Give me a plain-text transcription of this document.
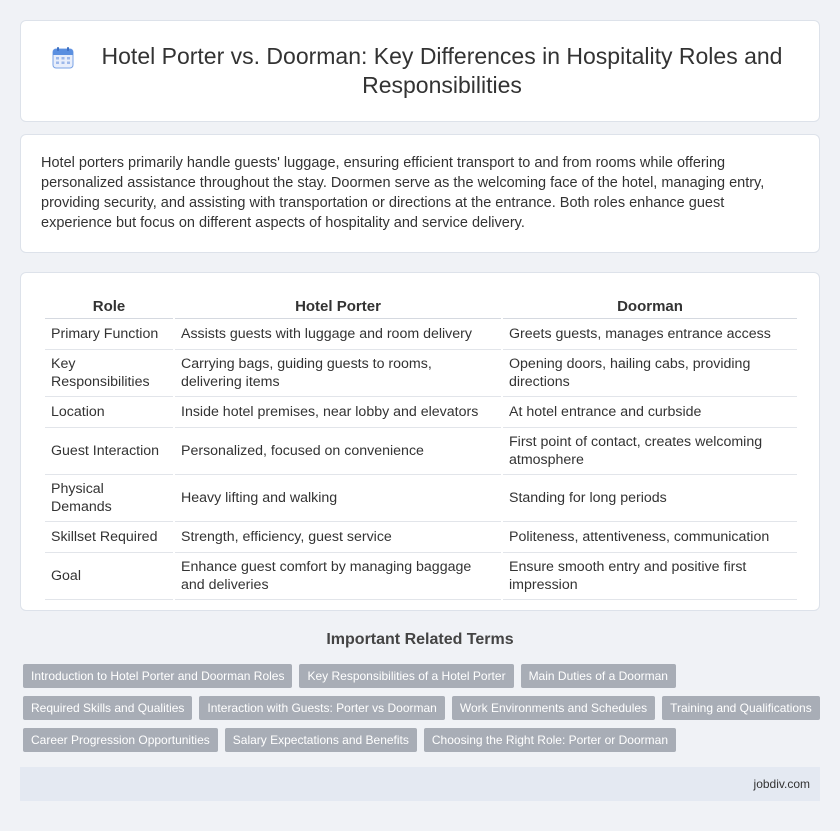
Hotel Porter vs. Doorman: Key Differences in Hospitality Roles and Responsibilities

Hotel porters primarily handle guests' luggage, ensuring efficient transport to and from rooms while offering personalized assistance throughout the stay. Doormen serve as the welcoming face of the hotel, managing entry, providing security, and assisting with transportation or directions at the entrance. Both roles enhance guest experience but focus on different aspects of hospitality and service delivery.

Role	Hotel Porter	Doorman
Primary Function	Assists guests with luggage and room delivery	Greets guests, manages entrance access
Key Responsibilities	Carrying bags, guiding guests to rooms, delivering items	Opening doors, hailing cabs, providing directions
Location	Inside hotel premises, near lobby and elevators	At hotel entrance and curbside
Guest Interaction	Personalized, focused on convenience	First point of contact, creates welcoming atmosphere
Physical Demands	Heavy lifting and walking	Standing for long periods
Skillset Required	Strength, efficiency, guest service	Politeness, attentiveness, communication
Goal	Enhance guest comfort by managing baggage and deliveries	Ensure smooth entry and positive first impression
Important Related Terms
Introduction to Hotel Porter and Doorman Roles	Key Responsibilities of a Hotel Porter	Main Duties of a Doorman
Required Skills and Qualities	Interaction with Guests: Porter vs Doorman	Work Environments and Schedules	Training and Qualifications
Career Progression Opportunities	Salary Expectations and Benefits	Choosing the Right Role: Porter or Doorman
jobdiv.com
